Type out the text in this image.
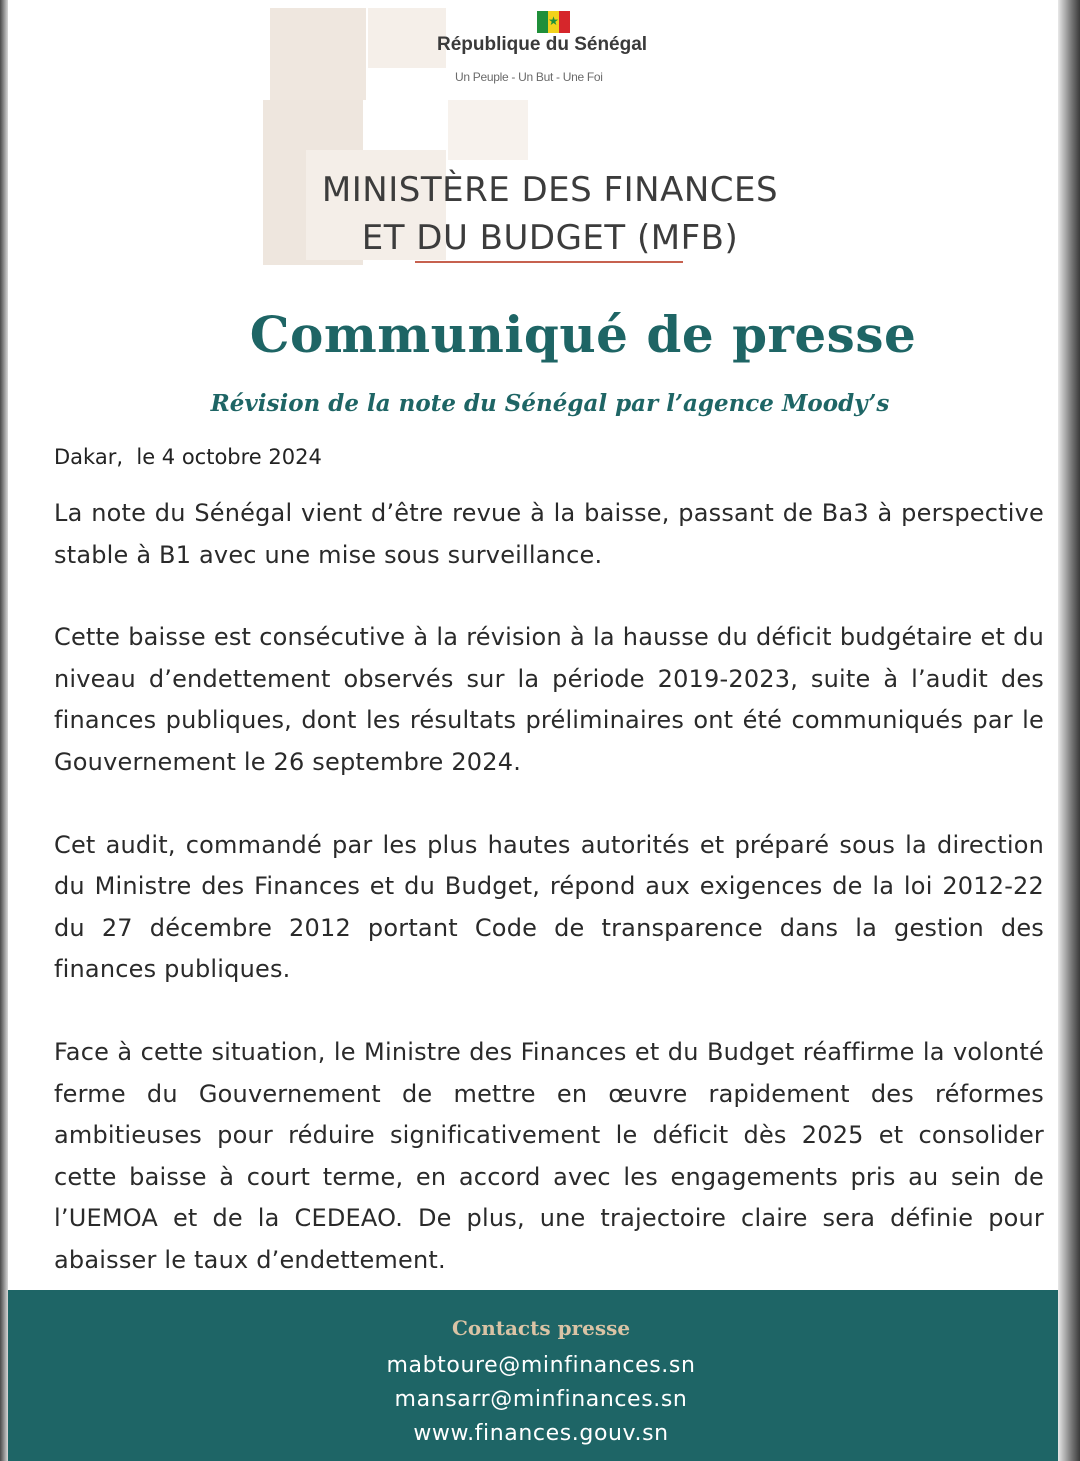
★
République du Sénégal
Un Peuple - Un But - Une Foi
MINISTÈRE DES FINANCES
ET DU BUDGET (MFB)
Communiqué de presse
Révision de la note du Sénégal par l’agence Moody’s
Dakar,  le 4 octobre 2024

La note du Sénégal vient d’être revue à la baisse, passant de Ba3 à perspective stable à B1 avec une mise sous surveillance.

Cette baisse est consécutive à la révision à la hausse du déficit budgétaire et du niveau d’endettement observés sur la période 2019-2023, suite à l’audit des finances publiques, dont les résultats préliminaires ont été communiqués par le Gouvernement le 26 septembre 2024.

Cet audit, commandé par les plus hautes autorités et préparé sous la direction du Ministre des Finances et du Budget, répond aux exigences de la loi 2012-22 du 27 décembre 2012 portant Code de transparence dans la gestion des finances publiques.

Face à cette situation, le Ministre des Finances et du Budget réaffirme la volonté ferme du Gouvernement de mettre en œuvre rapidement des réformes ambitieuses pour réduire significativement le déficit dès 2025 et consolider cette baisse à court terme, en accord avec les engagements pris au sein de l’UEMOA et de la CEDEAO. De plus, une trajectoire claire sera définie pour abaisser le taux d’endettement.

Contacts presse
mabtoure@minfinances.sn
mansarr@minfinances.sn
www.finances.gouv.sn
